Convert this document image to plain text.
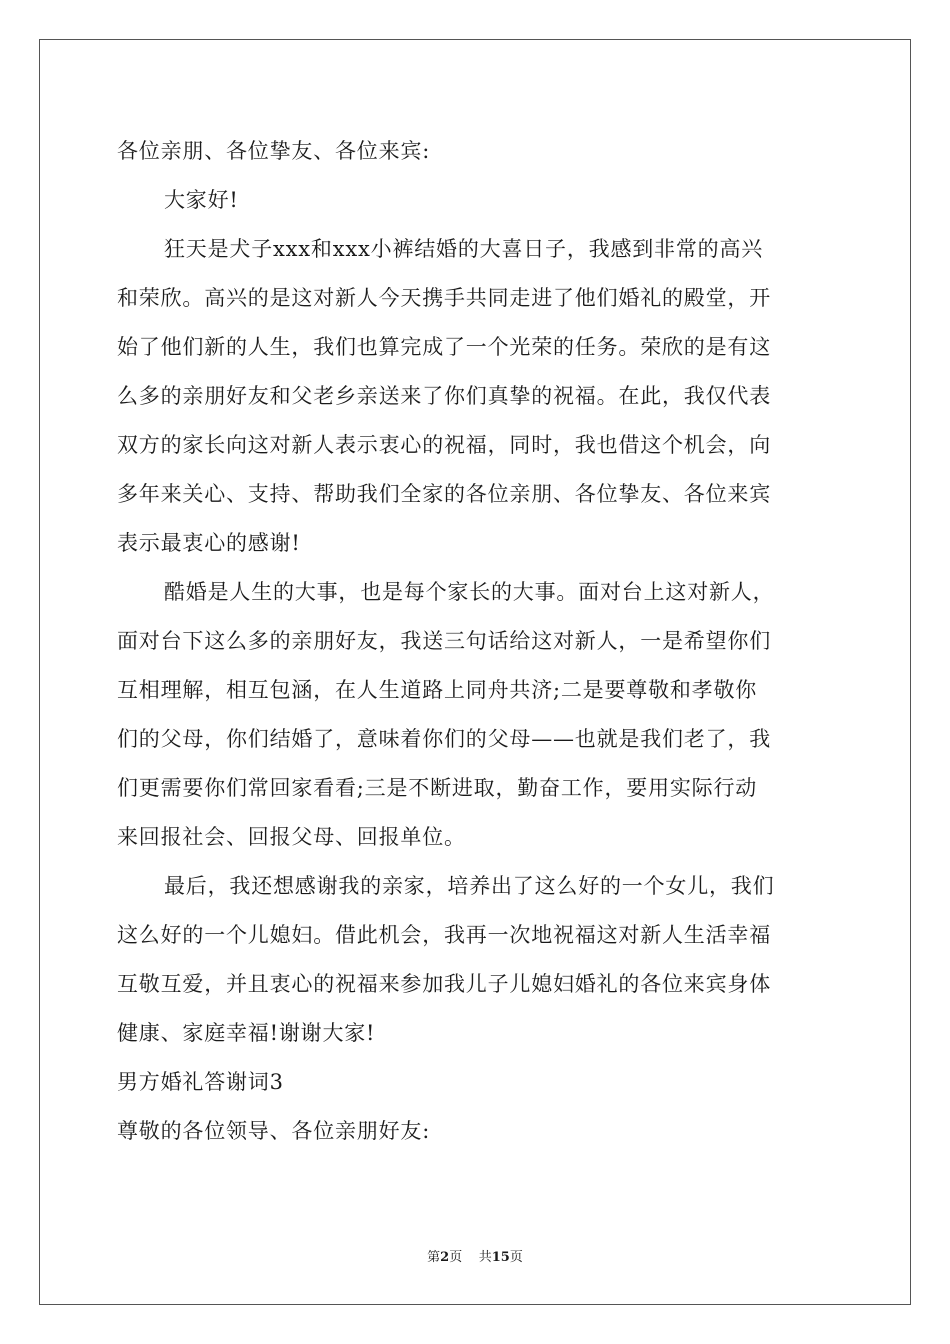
各位亲朋、各位挚友、各位来宾:
大家好!
狂天是犬子xxx和xxx小裤结婚的大喜日子，我感到非常的高兴
和荣欣。高兴的是这对新人今天携手共同走进了他们婚礼的殿堂，开
始了他们新的人生，我们也算完成了一个光荣的任务。荣欣的是有这
么多的亲朋好友和父老乡亲送来了你们真挚的祝福。在此，我仅代表
双方的家长向这对新人表示衷心的祝福，同时，我也借这个机会，向
多年来关心、支持、帮助我们全家的各位亲朋、各位挚友、各位来宾
表示最衷心的感谢!
酷婚是人生的大事，也是每个家长的大事。面对台上这对新人，
面对台下这么多的亲朋好友，我送三句话给这对新人，一是希望你们
互相理解，相互包涵，在人生道路上同舟共济;二是要尊敬和孝敬你
们的父母，你们结婚了，意味着你们的父母——也就是我们老了，我
们更需要你们常回家看看;三是不断进取，勤奋工作，要用实际行动
来回报社会、回报父母、回报单位。
最后，我还想感谢我的亲家，培养出了这么好的一个女儿，我们
这么好的一个儿媳妇。借此机会，我再一次地祝福这对新人生活幸福
互敬互爱，并且衷心的祝福来参加我儿子儿媳妇婚礼的各位来宾身体
健康、家庭幸福!谢谢大家!
男方婚礼答谢词3
尊敬的各位领导、各位亲朋好友:
第2页 共15页
